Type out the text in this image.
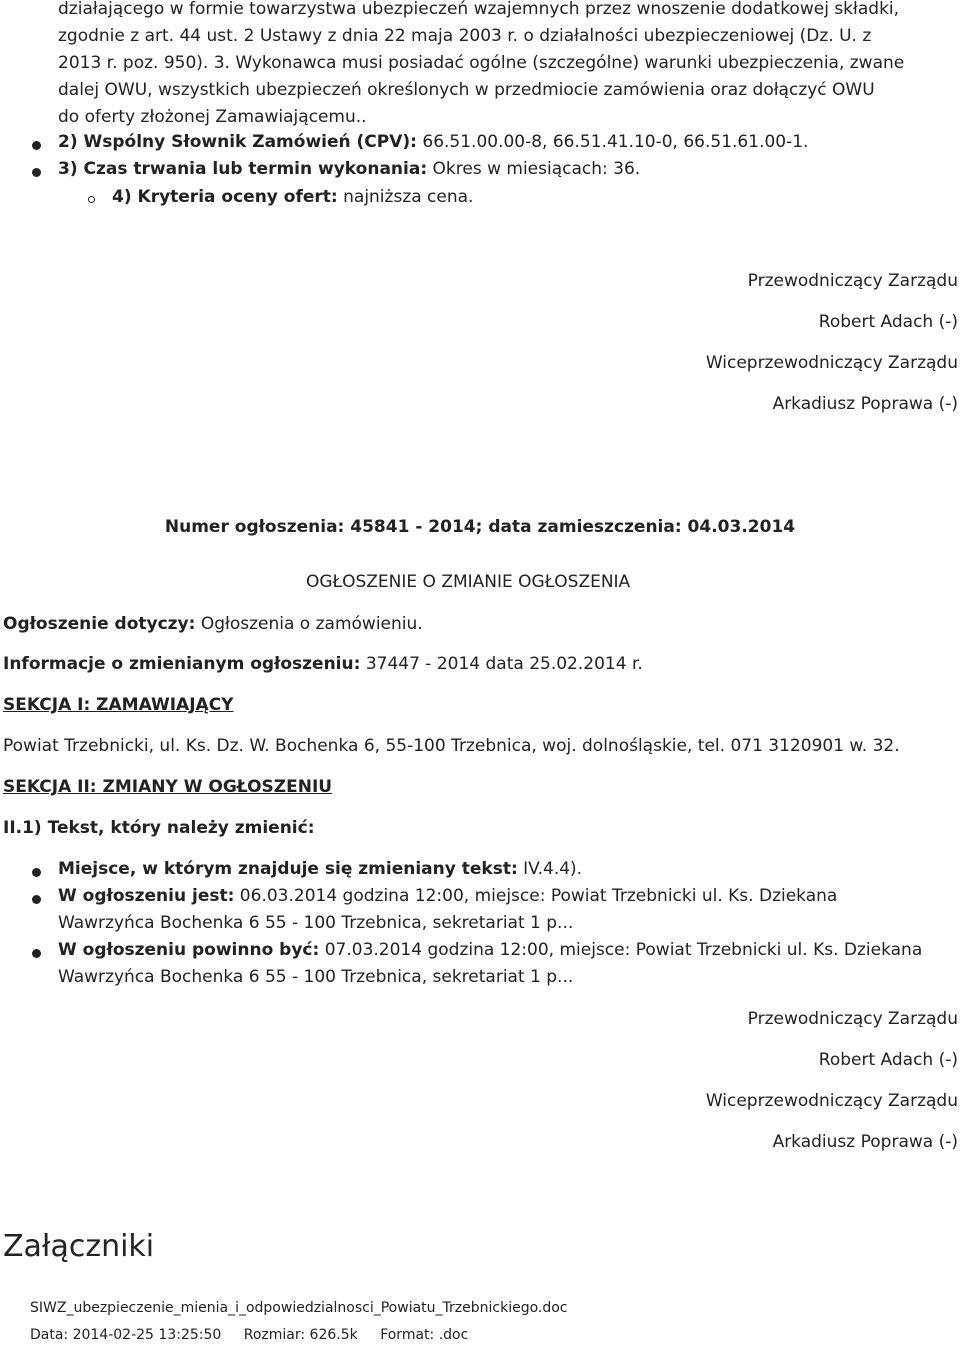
działającego w formie towarzystwa ubezpieczeń wzajemnych przez wnoszenie dodatkowej składki,
zgodnie z art. 44 ust. 2 Ustawy z dnia 22 maja 2003 r. o działalności ubezpieczeniowej (Dz. U. z
2013 r. poz. 950). 3. Wykonawca musi posiadać ogólne (szczególne) warunki ubezpieczenia, zwane
dalej OWU, wszystkich ubezpieczeń określonych w przedmiocie zamówienia oraz dołączyć OWU
do oferty złożonej Zamawiającemu..
2) Wspólny Słownik Zamówień (CPV): 66.51.00.00-8, 66.51.41.10-0, 66.51.61.00-1.
3) Czas trwania lub termin wykonania: Okres w miesiącach: 36.
4) Kryteria oceny ofert: najniższa cena.
Przewodniczący Zarządu
Robert Adach (-)
Wiceprzewodniczący Zarządu
Arkadiusz Poprawa (-)
Numer ogłoszenia: 45841 - 2014; data zamieszczenia: 04.03.2014
OGŁOSZENIE O ZMIANIE OGŁOSZENIA
Ogłoszenie dotyczy: Ogłoszenia o zamówieniu.
Informacje o zmienianym ogłoszeniu: 37447 - 2014 data 25.02.2014 r.
SEKCJA I: ZAMAWIAJĄCY
Powiat Trzebnicki, ul. Ks. Dz. W. Bochenka 6, 55-100 Trzebnica, woj. dolnośląskie, tel. 071 3120901 w. 32.
SEKCJA II: ZMIANY W OGŁOSZENIU
II.1) Tekst, który należy zmienić:
Miejsce, w którym znajduje się zmieniany tekst: IV.4.4).
W ogłoszeniu jest: 06.03.2014 godzina 12:00, miejsce: Powiat Trzebnicki ul. Ks. Dziekana
Wawrzyńca Bochenka 6 55 - 100 Trzebnica, sekretariat 1 p...
W ogłoszeniu powinno być: 07.03.2014 godzina 12:00, miejsce: Powiat Trzebnicki ul. Ks. Dziekana
Wawrzyńca Bochenka 6 55 - 100 Trzebnica, sekretariat 1 p...
Przewodniczący Zarządu
Robert Adach (-)
Wiceprzewodniczący Zarządu
Arkadiusz Poprawa (-)
Załączniki
SIWZ_ubezpieczenie_mienia_i_odpowiedzialnosci_Powiatu_Trzebnickiego.doc
Data: 2014-02-25 13:25:50 Rozmiar: 626.5k Format: .doc
